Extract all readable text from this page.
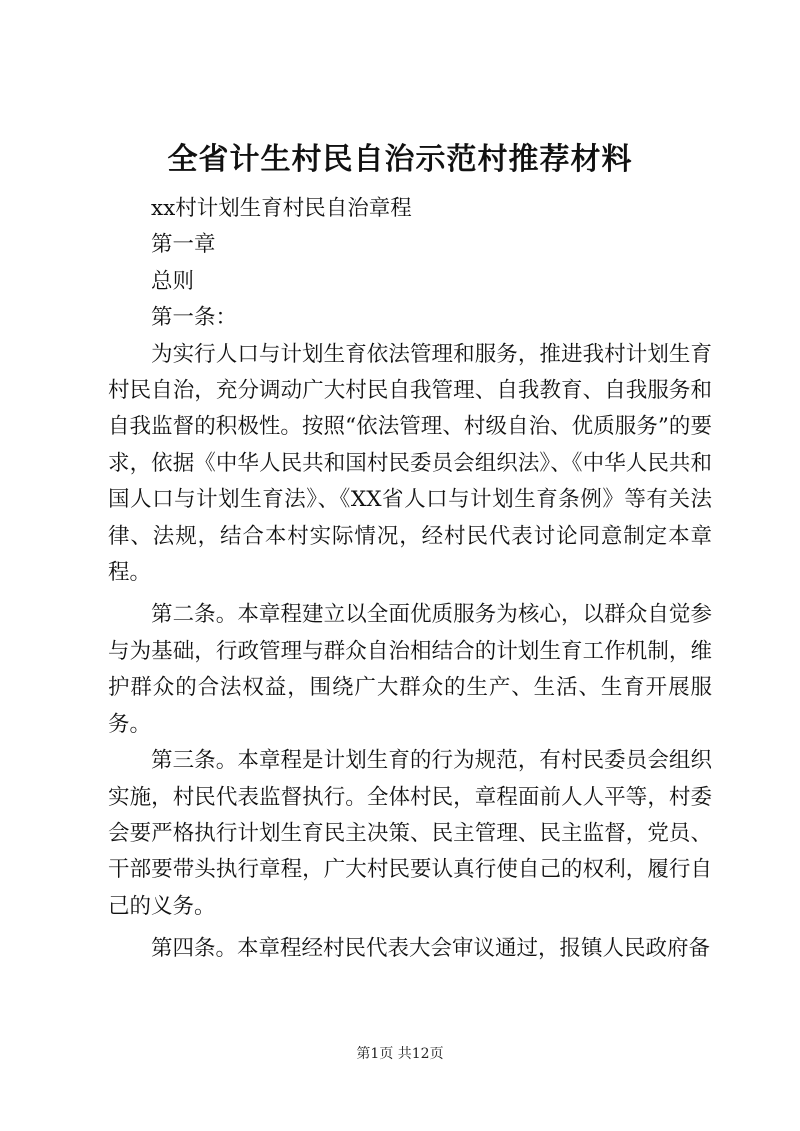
全省计生村民自治示范村推荐材料

xx村计划生育村民自治章程

第一章

总则

第一条：

为实行人口与计划生育依法管理和服务，推进我村计划生育村民自治，充分调动广大村民自我管理、自我教育、自我服务和自我监督的积极性。按照“依法管理、村级自治、优质服务”的要求，依据《中华人民共和国村民委员会组织法》、《中华人民共和国人口与计划生育法》、《XX省人口与计划生育条例》等有关法律、法规，结合本村实际情况，经村民代表讨论同意制定本章程。

第二条。本章程建立以全面优质服务为核心，以群众自觉参与为基础，行政管理与群众自治相结合的计划生育工作机制，维护群众的合法权益，围绕广大群众的生产、生活、生育开展服务。

第三条。本章程是计划生育的行为规范，有村民委员会组织实施，村民代表监督执行。全体村民，章程面前人人平等，村委会要严格执行计划生育民主决策、民主管理、民主监督，党员、干部要带头执行章程，广大村民要认真行使自己的权利，履行自己的义务。

第四条。本章程经村民代表大会审议通过，报镇人民政府备

第1页 共12页
